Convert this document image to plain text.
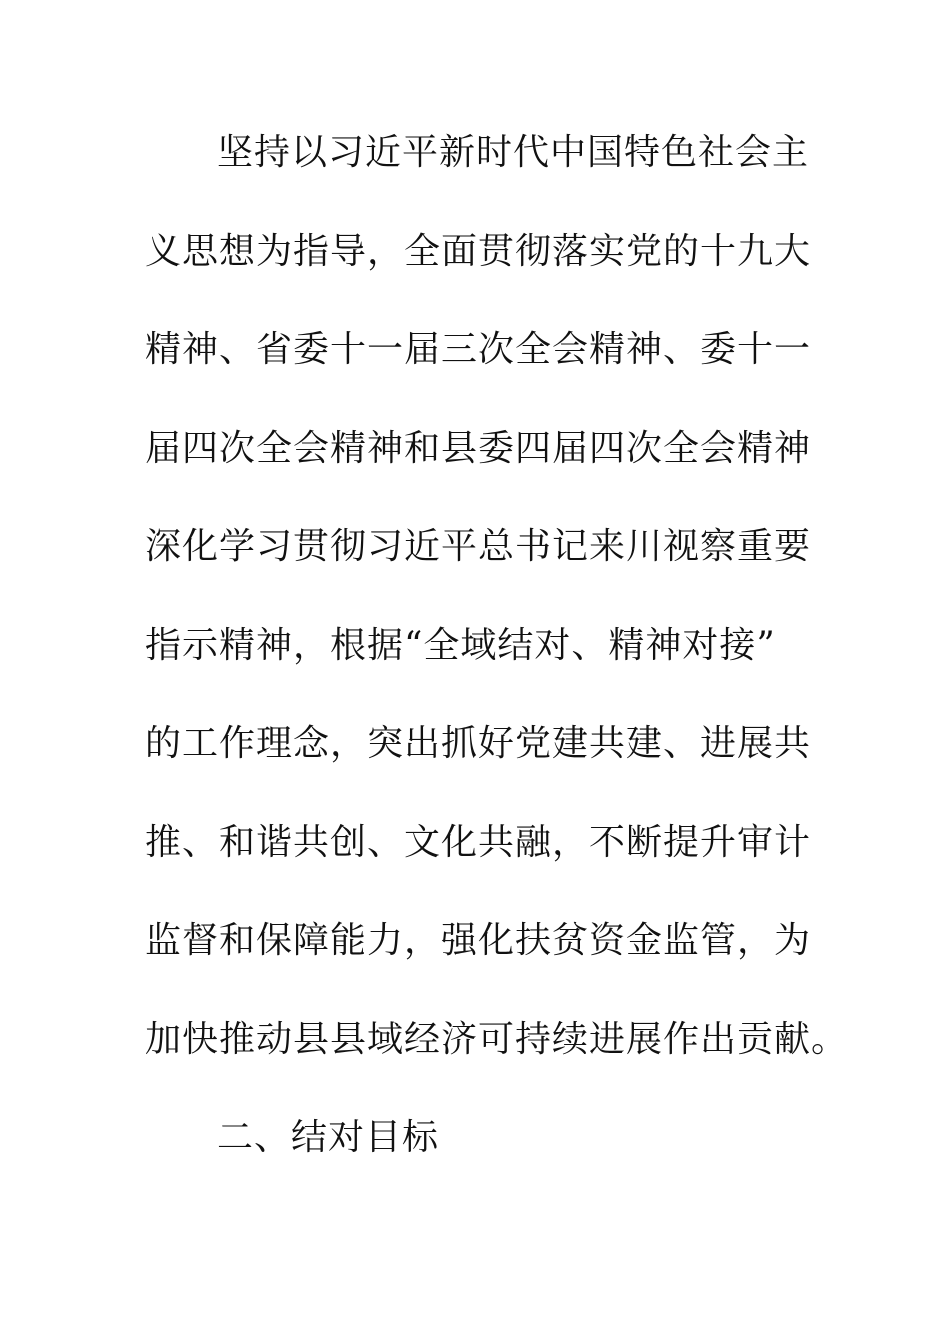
坚持以习近平新时代中国特色社会主
义思想为指导，全面贯彻落实党的十九大
精神、省委十一届三次全会精神、委十一
届四次全会精神和县委四届四次全会精神
深化学习贯彻习近平总书记来川视察重要
指示精神，根据“全域结对、精神对接”
的工作理念，突出抓好党建共建、进展共
推、和谐共创、文化共融，不断提升审计
监督和保障能力，强化扶贫资金监管，为
加快推动县县域经济可持续进展作出贡献。
二、结对目标
